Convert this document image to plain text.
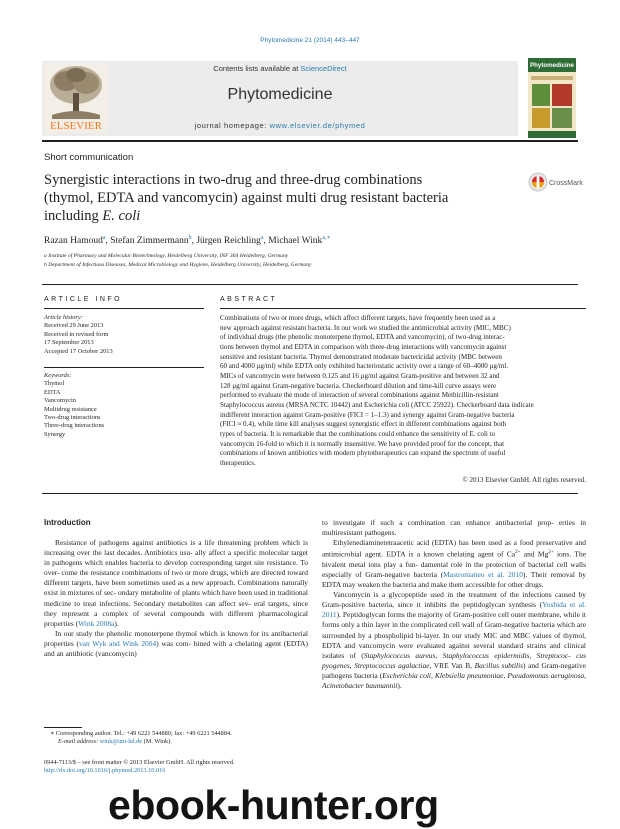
Phytomedicine 21 (2014) 443–447
Contents lists available at ScienceDirect
Phytomedicine
journal homepage: www.elsevier.de/phymed
ELSEVIER
Phytomedicine
Short communication
Synergistic interactions in two-drug and three-drug combinations
(thymol, EDTA and vancomycin) against multi drug resistant bacteria
including E. coli
CrossMark
Razan Hamoud$^a$, Stefan Zimmermann$^b$, Jürgen Reichling$^a$, Michael Wink$^{a,∗}$
a Institute of Pharmacy and Molecular Biotechnology, Heidelberg University, INF 364 Heidelberg, Germany
b Department of Infectious Diseases, Medical Microbiology and Hygiene, Heidelberg University, Heidelberg, Germany
ARTICLE INFO
Article history:
Received 29 June 2013
Received in revised form
17 September 2013
Accepted 17 October 2013
Keywords:
Thymol
EDTA
Vancomycin
Multidrug resistance
Two-drug interactions
Three-drug interactions
Synergy
ABSTRACT
Combinations of two or more drugs, which affect different targets, have frequently been used as a
new approach against resistant bacteria. In our work we studied the antimicrobial activity (MIC, MBC)
of individual drugs (the phenolic monoterpene thymol, EDTA and vancomycin), of two-drug interac-
tions between thymol and EDTA in comparison with three-drug interactions with vancomycin against
sensitive and resistant bacteria. Thymol demonstrated moderate bactericidal activity (MBC between
60 and 4000 μg/ml) while EDTA only exhibited bacteriostatic activity over a range of 60–4000 μg/ml.
MICs of vancomycin were between 0.125 and 16 μg/ml against Gram-positive and between 32 and
128 μg/ml against Gram-negative bacteria. Checkerboard dilution and time-kill curve assays were
performed to evaluate the mode of interaction of several combinations against Methicillin-resistant
Staphylococcus aureus (MRSA NCTC 10442) and Escherichia coli (ATCC 25922). Checkerboard data indicate
indifferent interaction against Gram-positive (FICI = 1–1.3) and synergy against Gram-negative bacteria
(FICI ≈ 0.4), while time kill analyses suggest synergistic effect in different combinations against both
types of bacteria. It is remarkable that the combinations could enhance the sensitivity of E. coli to
vancomycin 16-fold to which it is normally insensitive. We have provided proof for the concept, that
combinations of known antibiotics with modern phytotherapeutics can expand the spectrum of useful
therapeutics.
© 2013 Elsevier GmbH. All rights reserved.
Introduction

Resistance of pathogens against antibiotics is a life threatening problem which is increasing over the last decades. Antibiotics usu- ally affect a specific molecular target in pathogens which enables bacteria to develop corresponding target site resistance. To over- come the resistance combinations of two or more drugs, which are directed toward different targets, have been sometimes used as a new approach. Combinations naturally exist in mixtures of sec- ondary metabolite of plants which have been used in traditional medicine to treat infections. Secondary metabolites can affect sev- eral targets, since they represent a complex of several compounds with different pharmacological properties (Wink 2008a).

In our study the phenolic monoterpene thymol which is known for its antibacterial properties (van Wyk and Wink 2004) was com- bined with a chelating agent (EDTA) and an antibiotic (vancomycin)

∗ Corresponding author. Tel.: +49 6221 544880; fax: +49 6221 544884.
E-mail address: wink@uni-hd.de (M. Wink).

to investigate if such a combination can enhance antibacterial prop- erties in multiresistant pathogens.

Ethylenediaminetetraacetic acid (EDTA) has been used as a food preservative and antimicrobial agent. EDTA is a known chelating agent of $Ca^{2+}$ and $Mg^{2+}$ ions. The bivalent metal ions play a fun- damental role in the protection of bacterial cell walls especially of Gram-negative bacteria (Mastromatteo et al. 2010). Their removal by EDTA may weaken the bacteria and make them accessible for other drugs.

Vancomycin is a glycopeptide used in the treatment of the infections caused by Gram-positive bacteria, since it inhibits the peptidoglycan synthesis (Yoshida et al. 2011). Peptidoglycan forms the majority of Gram-positive cell outer membrane, while it forms only a thin layer in the complicated cell wall of Gram-negative bacteria which are surrounded by a phospholipid bi-layer. In our study MIC and MBC values of thymol, EDTA and vancomycin were evaluated against several standard strains and clinical isolates of (Staphylococcus aureus, Staphylococcus epidermidis, Streptococ- cus pyogenes, Streptococcus agalactiae, VRE Van B, Bacillus subtilis) and Gram-negative pathogens bacteria (Escherichia coli, Klebsiella pneumoniae, Pseudomonas aeruginosa, Acinetobacter baumannii).

0944-7113/$ – see front matter © 2013 Elsevier GmbH. All rights reserved.
http://dx.doi.org/10.1016/j.phymed.2013.10.016
ebook-hunter.org
